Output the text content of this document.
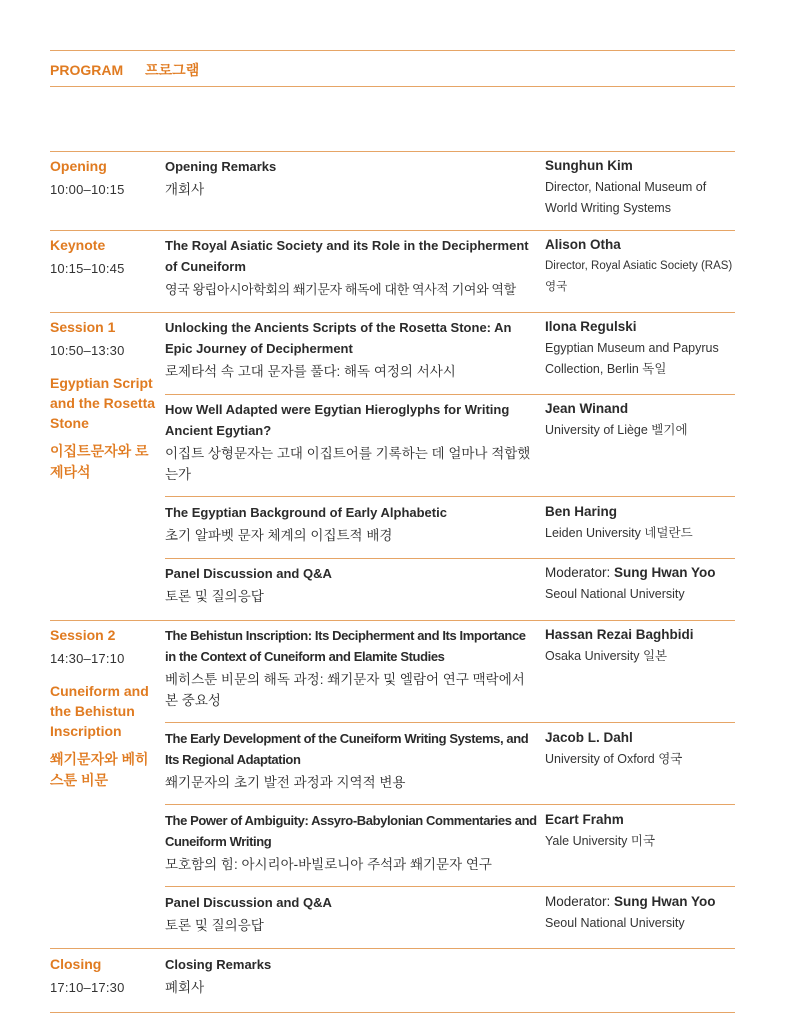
PROGRAM 프로그램
Opening
10:00–10:15
Opening Remarks
개회사
Sunghun Kim
Director, National Museum of World Writing Systems
Keynote
10:15–10:45
The Royal Asiatic Society and its Role in the Decipherment of Cuneiform
영국 왕립아시아학회의 쐐기문자 해독에 대한 역사적 기여와 역할
Alison Otha
Director, Royal Asiatic Society (RAS) 영국
Session 1
10:50–13:30
Egyptian Script and the Rosetta Stone
이집트문자와 로제타석
Unlocking the Ancients Scripts of the Rosetta Stone: An Epic Journey of Decipherment
로제타석 속 고대 문자를 풀다: 해독 여정의 서사시
Ilona Regulski
Egyptian Museum and Papyrus Collection, Berlin 독일
How Well Adapted were Egytian Hieroglyphs for Writing Ancient Egytian?
이집트 상형문자는 고대 이집트어를 기록하는 데 얼마나 적합했는가
Jean Winand
University of Liège 벨기에
The Egyptian Background of Early Alphabetic
초기 알파벳 문자 체계의 이집트적 배경
Ben Haring
Leiden University 네덜란드
Panel Discussion and Q&A
토론 및 질의응답
Moderator: Sung Hwan Yoo
Seoul National University
Session 2
14:30–17:10
Cuneiform and the Behistun Inscription
쐐기문자와 베히스툰 비문
The Behistun Inscription: Its Decipherment and Its Importance in the Context of Cuneiform and Elamite Studies
베히스툰 비문의 해독 과정: 쐐기문자 및 엘람어 연구 맥락에서 본 중요성
Hassan Rezai Baghbidi
Osaka University 일본
The Early Development of the Cuneiform Writing Systems, and Its Regional Adaptation
쐐기문자의 초기 발전 과정과 지역적 변용
Jacob L. Dahl
University of Oxford 영국
The Power of Ambiguity: Assyro-Babylonian Commentaries and Cuneiform Writing
모호함의 힘: 아시리아-바빌로니아 주석과 쐐기문자 연구
Ecart Frahm
Yale University 미국
Panel Discussion and Q&A
토론 및 질의응답
Moderator: Sung Hwan Yoo
Seoul National University
Closing
17:10–17:30
Closing Remarks
폐회사
